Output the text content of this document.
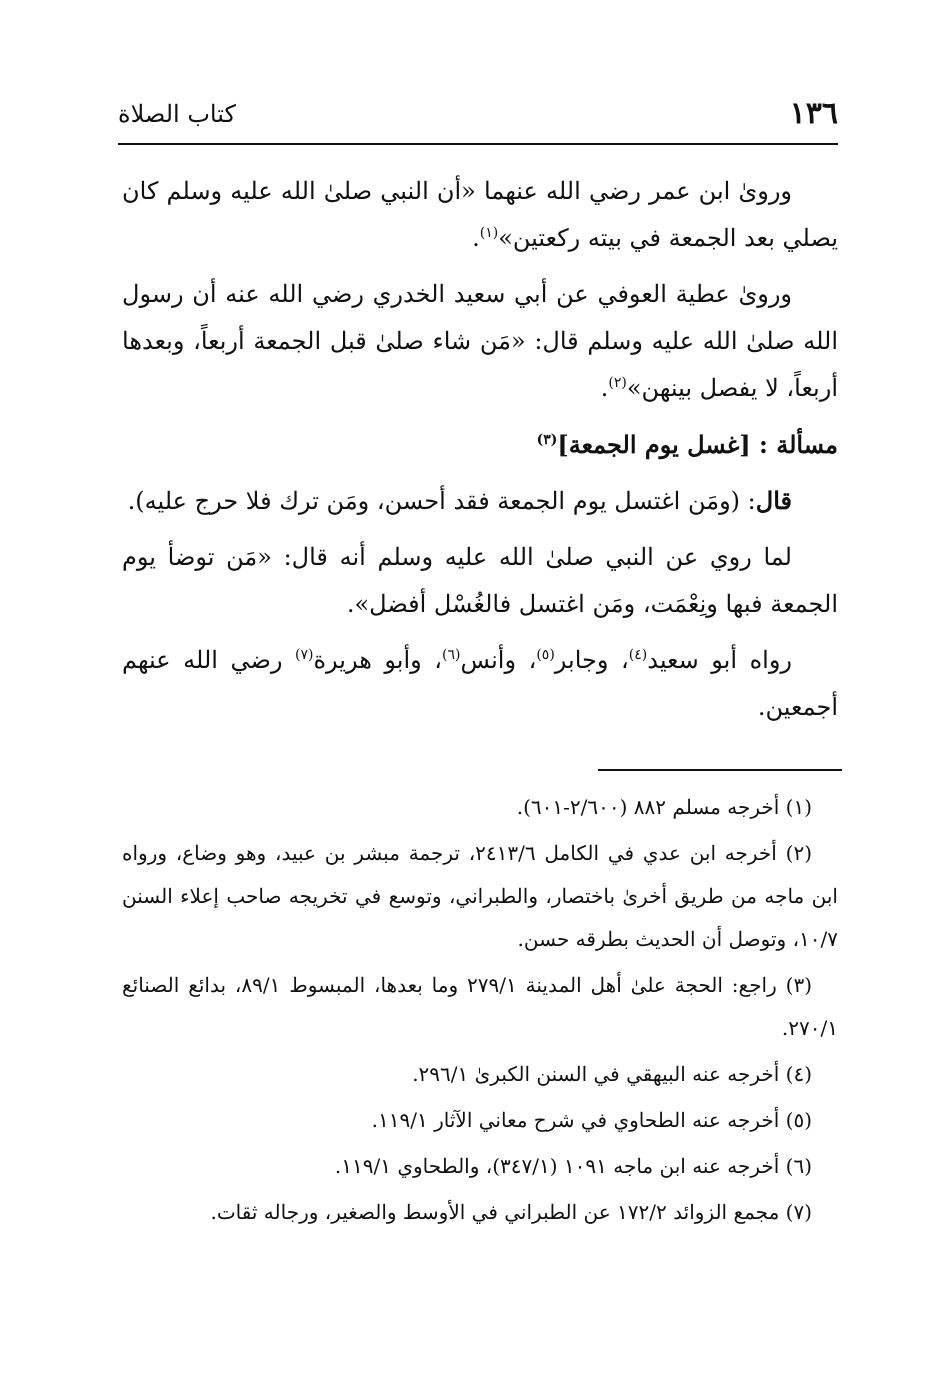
١٣٦
كتاب الصلاة

ورویٰ ابن عمر رضي الله عنهما «أن النبي صلىٰ الله عليه وسلم كان يصلي بعد الجمعة في بيته ركعتين»$^{(١)}$.

وروىٰ عطية العوفي عن أبي سعيد الخدري رضي الله عنه أن رسول الله صلىٰ الله عليه وسلم قال: «مَن شاء صلىٰ قبل الجمعة أربعاً، وبعدها أربعاً، لا يفصل بينهن»$^{(٢)}$.

مسألة : [غسل يوم الجمعة]$^{(٣)}$

قال: (ومَن اغتسل يوم الجمعة فقد أحسن، ومَن ترك فلا حرج عليه).

لما روي عن النبي صلىٰ الله عليه وسلم أنه قال: «مَن توضأ يوم الجمعة فبها ونِعْمَت، ومَن اغتسل فالغُسْل أفضل».

رواه أبو سعيد$^{(٤)}$، وجابر$^{(٥)}$، وأنس$^{(٦)}$، وأبو هريرة$^{(٧)}$ رضي الله عنهم أجمعين.

(١) أخرجه مسلم ٨٨٢ (٢/٦٠٠-٦٠١).

(٢) أخرجه ابن عدي في الكامل ٢٤١٣/٦، ترجمة مبشر بن عبيد، وهو وضاع، ورواه ابن ماجه من طريق أخرىٰ باختصار، والطبراني، وتوسع في تخريجه صاحب إعلاء السنن ١٠/٧، وتوصل أن الحديث بطرقه حسن.

(٣) راجع: الحجة علىٰ أهل المدينة ٢٧٩/١ وما بعدها، المبسوط ٨٩/١، بدائع الصنائع ٢٧٠/١.

(٤) أخرجه عنه البيهقي في السنن الكبرىٰ ٢٩٦/١.

(٥) أخرجه عنه الطحاوي في شرح معاني الآثار ١١٩/١.

(٦) أخرجه عنه ابن ماجه ١٠٩١ (٣٤٧/١)، والطحاوي ١١٩/١.

(٧) مجمع الزوائد ١٧٢/٢ عن الطبراني في الأوسط والصغير، ورجاله ثقات.
